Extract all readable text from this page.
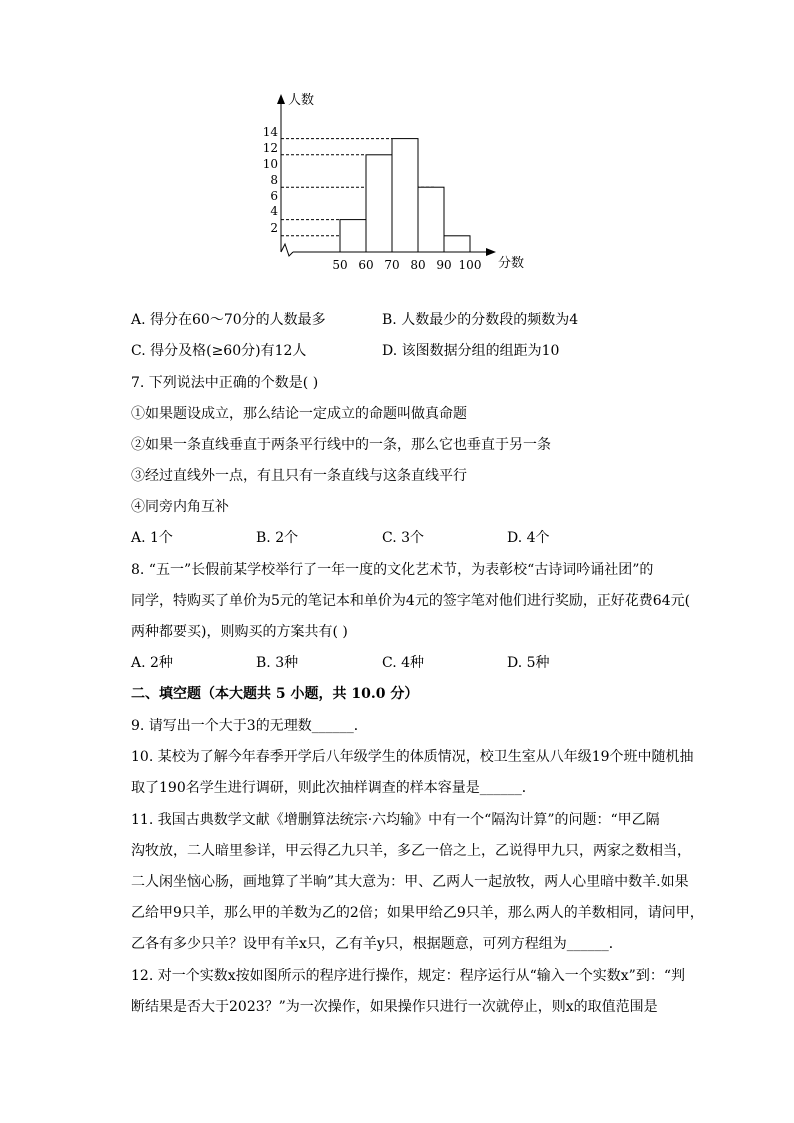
2
4
6
8
10
12
14
50 60 70 80 90 100
人数
分数
A. 得分在60～70分的人数最多	B. 人数最少的分数段的频数为4
C. 得分及格(≥60分)有12人	D. 该图数据分组的组距为10
7. 下列说法中正确的个数是( )
①如果题设成立，那么结论一定成立的命题叫做真命题
②如果一条直线垂直于两条平行线中的一条，那么它也垂直于另一条
③经过直线外一点，有且只有一条直线与这条直线平行
④同旁内角互补
A. 1个	B. 2个	C. 3个	D. 4个
8. “五一”长假前某学校举行了一年一度的文化艺术节，为表彰校“古诗词吟诵社团”的
同学，特购买了单价为5元的笔记本和单价为4元的签字笔对他们进行奖励，正好花费64元(
两种都要买)，则购买的方案共有( )
A. 2种	B. 3种	C. 4种	D. 5种
二、填空题（本大题共 5 小题，共 10.0 分）
9. 请写出一个大于3的无理数______．
10. 某校为了解今年春季开学后八年级学生的体质情况，校卫生室从八年级19个班中随机抽
取了190名学生进行调研，则此次抽样调查的样本容量是______．
11. 我国古典数学文献《增删算法统宗·六均输》中有一个“隔沟计算”的问题：“甲乙隔
沟牧放，二人暗里参详，甲云得乙九只羊，多乙一倍之上，乙说得甲九只，两家之数相当，
二人闲坐恼心肠，画地算了半晌”其大意为：甲、乙两人一起放牧，两人心里暗中数羊.如果
乙给甲9只羊，那么甲的羊数为乙的2倍；如果甲给乙9只羊，那么两人的羊数相同，请问甲，
乙各有多少只羊？设甲有羊x只，乙有羊y只，根据题意，可列方程组为______．
12. 对一个实数x按如图所示的程序进行操作，规定：程序运行从“输入一个实数x”到：“判
断结果是否大于2023？”为一次操作，如果操作只进行一次就停止，则x的取值范围是
